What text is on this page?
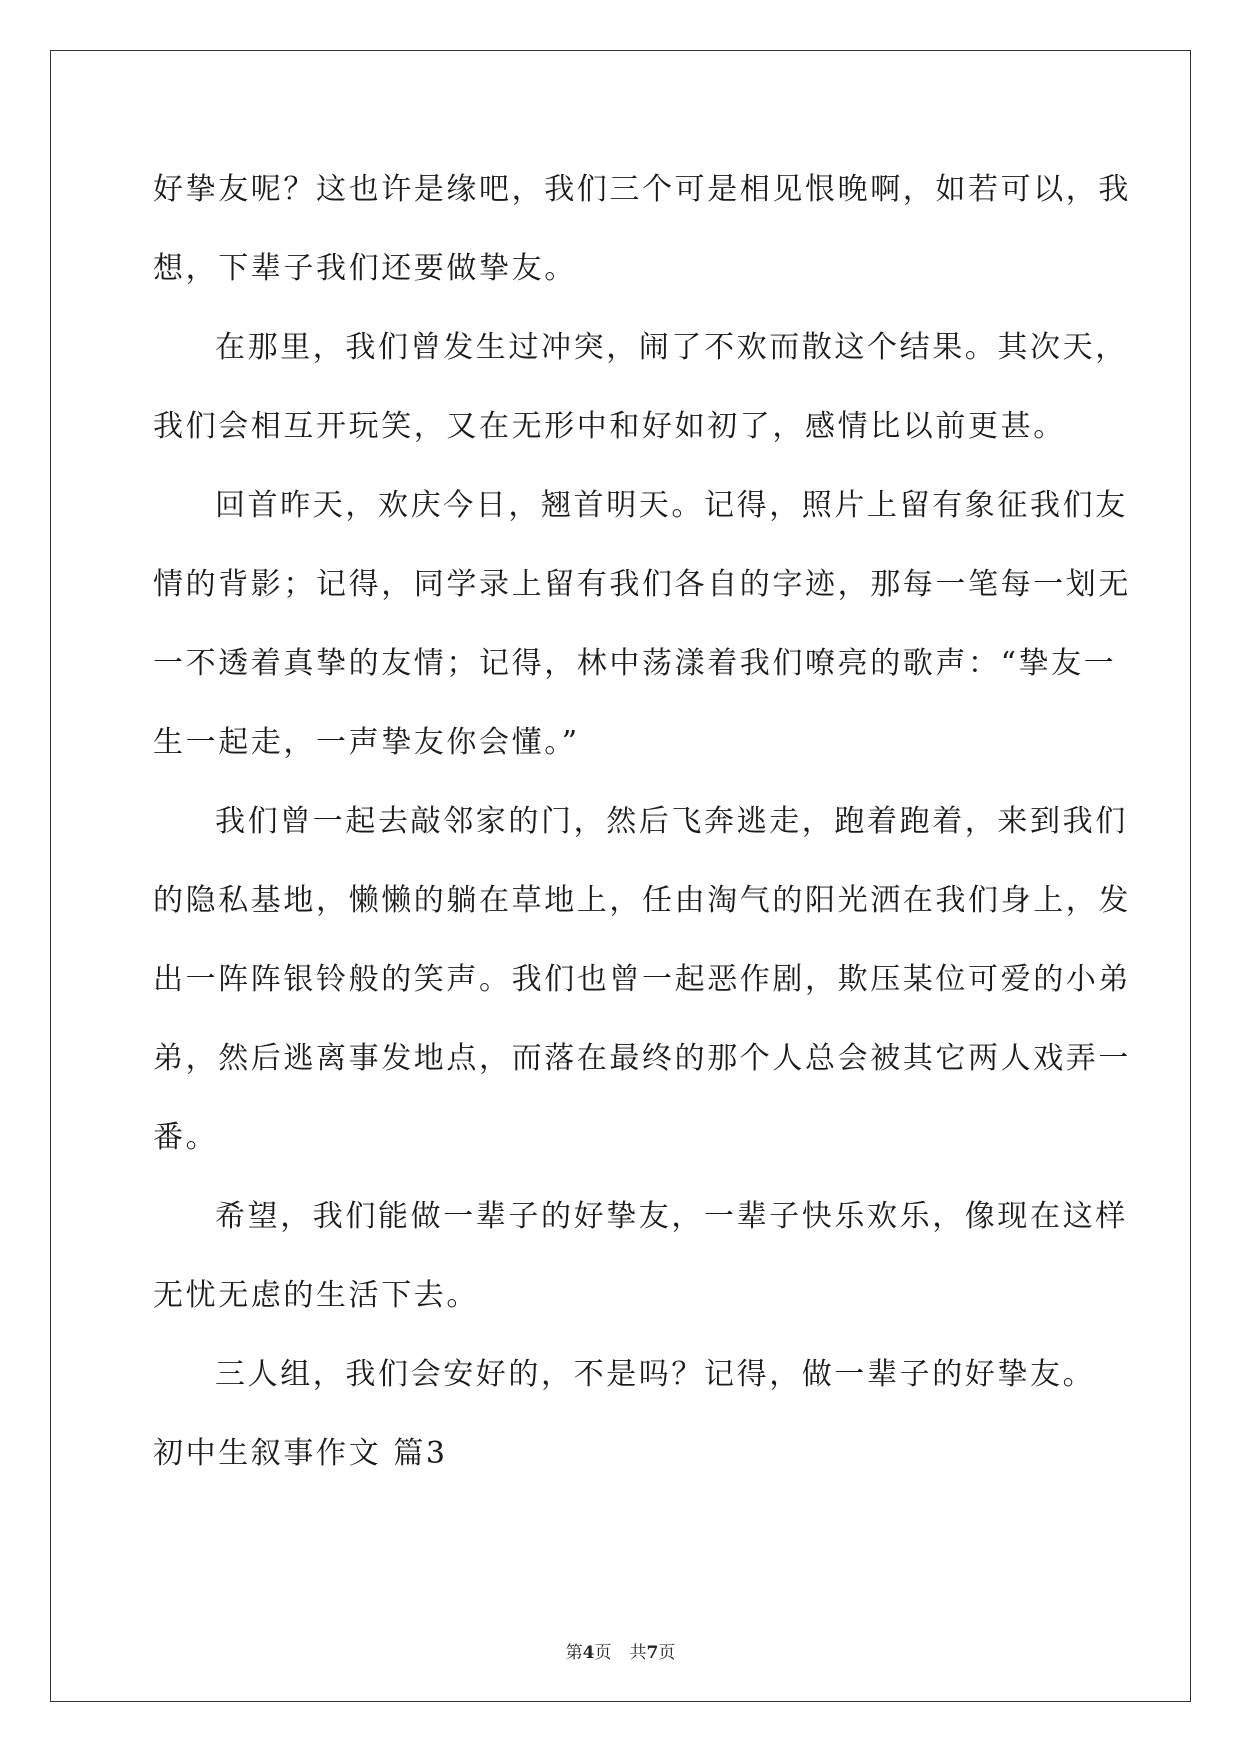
好挚友呢？这也许是缘吧，我们三个可是相见恨晚啊，如若可以，我
想，下辈子我们还要做挚友。
在那里，我们曾发生过冲突，闹了不欢而散这个结果。其次天，
我们会相互开玩笑，又在无形中和好如初了，感情比以前更甚。
回首昨天，欢庆今日，翘首明天。记得，照片上留有象征我们友
情的背影；记得，同学录上留有我们各自的字迹，那每一笔每一划无
一不透着真挚的友情；记得，林中荡漾着我们嘹亮的歌声：“挚友一
生一起走，一声挚友你会懂。”
我们曾一起去敲邻家的门，然后飞奔逃走，跑着跑着，来到我们
的隐私基地，懒懒的躺在草地上，任由淘气的阳光洒在我们身上，发
出一阵阵银铃般的笑声。我们也曾一起恶作剧，欺压某位可爱的小弟
弟，然后逃离事发地点，而落在最终的那个人总会被其它两人戏弄一
番。
希望，我们能做一辈子的好挚友，一辈子快乐欢乐，像现在这样
无忧无虑的生活下去。
三人组，我们会安好的，不是吗？记得，做一辈子的好挚友。
初中生叙事作文 篇3
第4页 共7页
